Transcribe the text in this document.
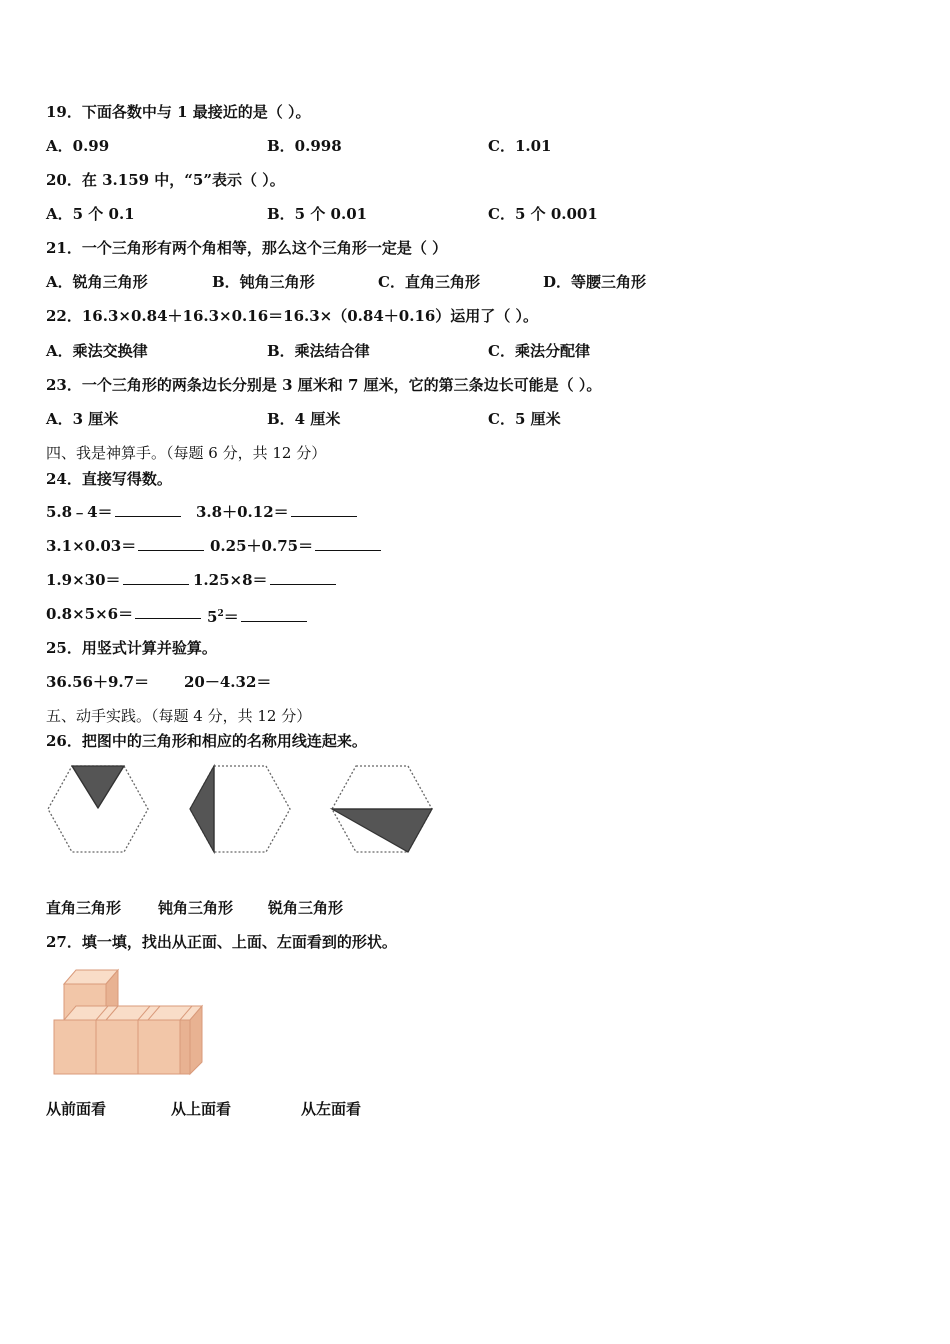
19．下面各数中与 1 最接近的是（ ）。
A．0.99	B．0.998	C．1.01
20．在 3.159 中，“5”表示（ ）。
A．5 个 0.1	B．5 个 0.01	C．5 个 0.001
21．一个三角形有两个角相等，那么这个三角形一定是（ ）
A．锐角三角形	B．钝角三角形	C．直角三角形	D．等腰三角形
22．16.3×0.84＋16.3×0.16＝16.3×（0.84＋0.16）运用了（ ）。
A．乘法交换律	B．乘法结合律	C．乘法分配律
23．一个三角形的两条边长分别是 3 厘米和 7 厘米，它的第三条边长可能是（ ）。
A．3 厘米	B．4 厘米	C．5 厘米
四、我是神算手。（每题 6 分，共 12 分）
24．直接写得数。
5.8﹣4＝	3.8＋0.12＝
3.1×0.03＝	0.25＋0.75＝
1.9×30＝	1.25×8＝
0.8×5×6＝	$5^2=$
25．用竖式计算并验算。
36.56＋9.7＝ 20－4.32＝
五、动手实践。（每题 4 分，共 12 分）
26．把图中的三角形和相应的名称用线连起来。
直角三角形 钝角三角形 锐角三角形
27．填一填，找出从正面、上面、左面看到的形状。
从前面看	从上面看	从左面看
